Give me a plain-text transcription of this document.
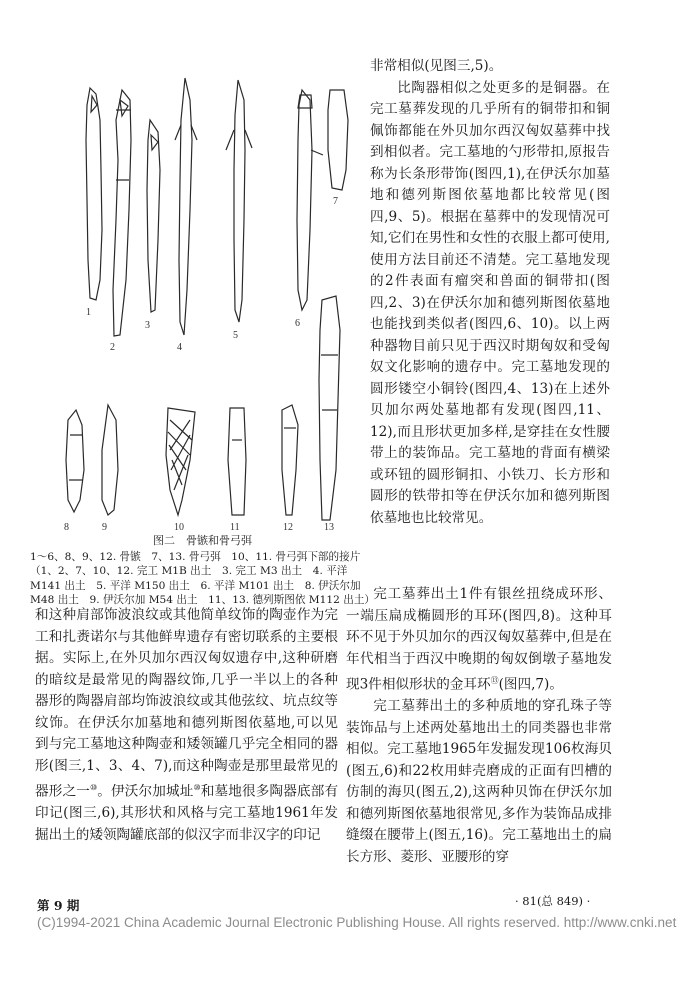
非常相似(见图三,5)。

比陶器相似之处更多的是铜器。在完工墓葬发现的几乎所有的铜带扣和铜佩饰都能在外贝加尔西汉匈奴墓葬中找到相似者。完工墓地的勺形带扣,原报告称为长条形带饰(图四,1),在伊沃尔加墓地和德列斯图依墓地都比较常见(图四,9、5)。根据在墓葬中的发现情况可知,它们在男性和女性的衣服上都可使用,使用方法目前还不清楚。完工墓地发现的2件表面有瘤突和兽面的铜带扣(图四,2、3)在伊沃尔加和德列斯图依墓地也能找到类似者(图四,6、10)。以上两种器物目前只见于西汉时期匈奴和受匈奴文化影响的遗存中。完工墓地发现的圆形镂空小铜铃(图四,4、13)在上述外贝加尔两处墓地都有发现(图四,11、12),而且形状更加多样,是穿挂在女性腰带上的装饰品。完工墓地的背面有横梁或环钮的圆形铜扣、小铁刀、长方形和圆形的铁带扣等在伊沃尔加和德列斯图依墓地也比较常见。

1
2
3
4
5
6
7
8	9	10	11	12	13
图二　骨镞和骨弓弭
1～6、8、9、12. 骨镞　7、13. 骨弓弭　10、11. 骨弓弭下部的接片（1、2、7、10、12. 完工 M1B 出土　3. 完工 M3 出土　4. 平洋 M141 出土　5. 平洋 M150 出土　6. 平洋 M101 出土　8. 伊沃尔加 M48 出土　9. 伊沃尔加 M54 出土　11、13. 德列斯图依 M112 出土）

和这种肩部饰波浪纹或其他简单纹饰的陶壶作为完工和扎赉诺尔与其他鲜卑遗存有密切联系的主要根据。实际上,在外贝加尔西汉匈奴遗存中,这种研磨的暗纹是最常见的陶器纹饰,几乎一半以上的各种器形的陶器肩部均饰波浪纹或其他弦纹、坑点纹等纹饰。在伊沃尔加墓地和德列斯图依墓地,可以见到与完工墓地这种陶壶和矮领罐几乎完全相同的器形(图三,1、3、4、7),而这种陶壶是那里最常见的器形之一⑩。伊沃尔加城址⑩和墓地很多陶器底部有印记(图三,6),其形状和风格与完工墓地1961年发掘出土的矮领陶罐底部的似汉字而非汉字的印记

完工墓葬出土1件有银丝扭绕成环形、一端压扁成椭圆形的耳环(图四,8)。这种耳环不见于外贝加尔的西汉匈奴墓葬中,但是在年代相当于西汉中晚期的匈奴倒墩子墓地发现3件相似形状的金耳环⑬(图四,7)。

完工墓葬出土的多种质地的穿孔珠子等装饰品与上述两处墓地出土的同类器也非常相似。完工墓地1965年发掘发现106枚海贝(图五,6)和22枚用蚌壳磨成的正面有凹槽的仿制的海贝(图五,2),这两种贝饰在伊沃尔加和德列斯图依墓地很常见,多作为装饰品成排缝缀在腰带上(图五,16)。完工墓地出土的扁长方形、菱形、亚腰形的穿

第 9 期	· 81(总 849) ·
(C)1994-2021 China Academic Journal Electronic Publishing House. All rights reserved. http://www.cnki.net
